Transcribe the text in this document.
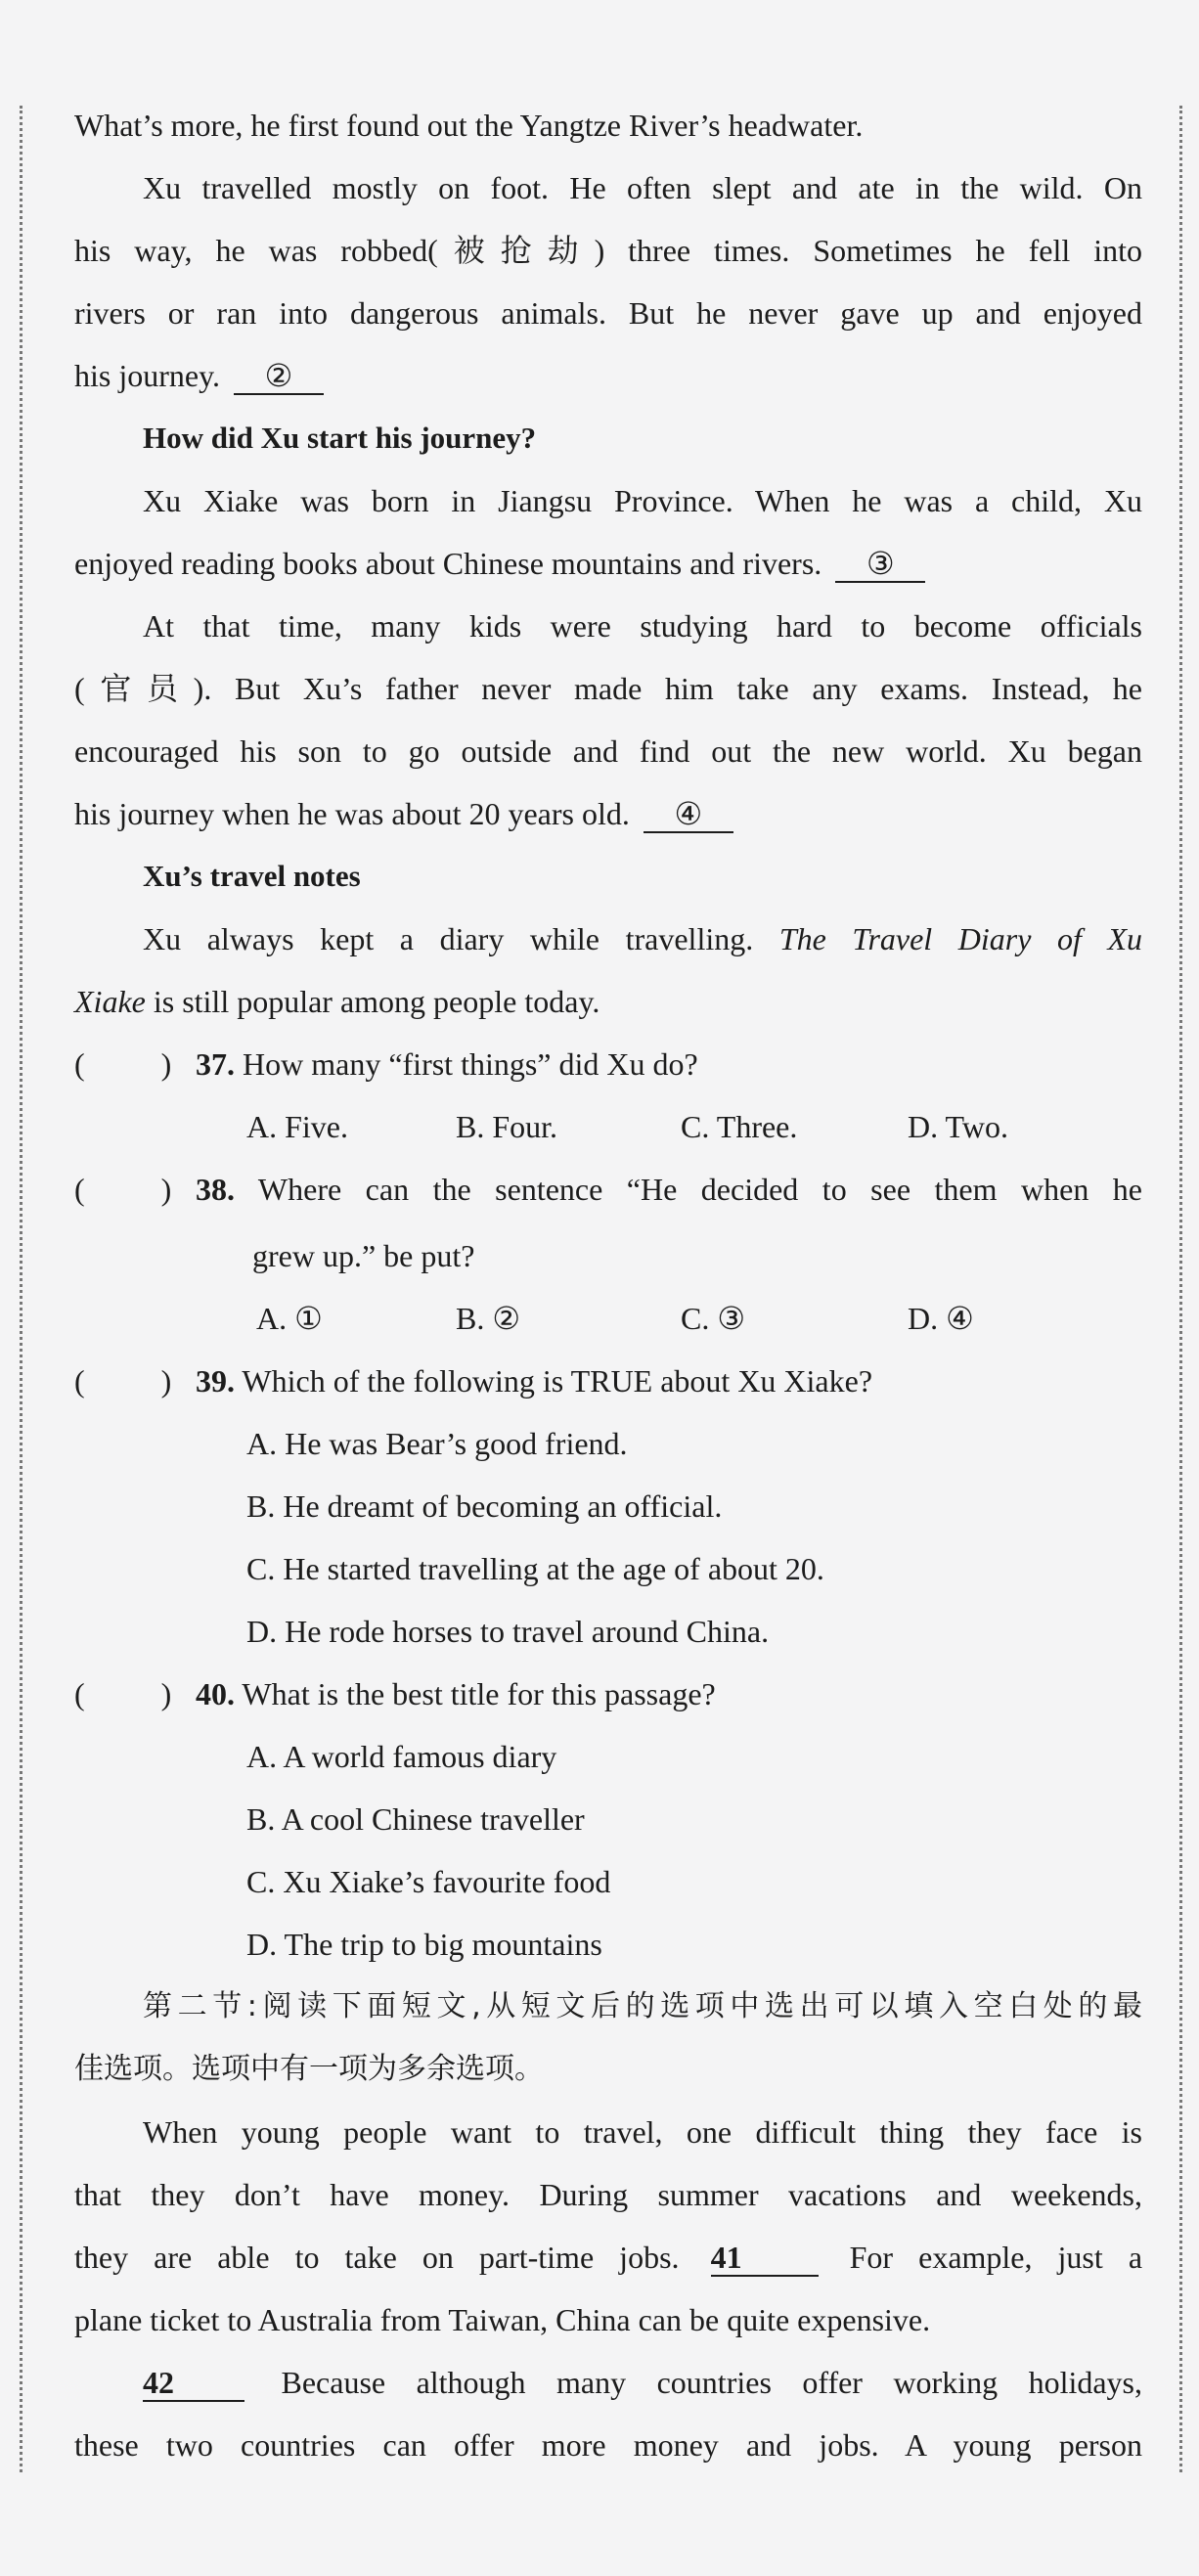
What’s more, he first found out the Yangtze River’s headwater.
Xu travelled mostly on foot. He often slept and ate in the wild. On
his way, he was robbed(被抢劫) three times. Sometimes he fell into
rivers or ran into dangerous animals. But he never gave up and enjoyed
his journey. ②
How did Xu start his journey?
Xu Xiake was born in Jiangsu Province. When he was a child, Xu
enjoyed reading books about Chinese mountains and rivers. ③
At that time, many kids were studying hard to become officials
(官员). But Xu’s father never made him take any exams. Instead, he
encouraged his son to go outside and find out the new world. Xu began
his journey when he was about 20 years old. ④
Xu’s travel notes
Xu always kept a diary while travelling. The Travel Diary of Xu
Xiake is still popular among people today.
( ) 37. How many “first things” did Xu do?
A. Five.	B. Four.	C. Three.	D. Two.
( ) 38. Where can the sentence “He decided to see them when he
grew up.” be put?
A. ①	B. ②	C. ③	D. ④
( ) 39. Which of the following is TRUE about Xu Xiake?
A. He was Bear’s good friend.
B. He dreamt of becoming an official.
C. He started travelling at the age of about 20.
D. He rode horses to travel around China.
( ) 40. What is the best title for this passage?
A. A world famous diary
B. A cool Chinese traveller
C. Xu Xiake’s favourite food
D. The trip to big mountains
第二节:阅读下面短文,从短文后的选项中选出可以填入空白处的最
佳选项。选项中有一项为多余选项。
When young people want to travel, one difficult thing they face is
that they don’t have money. During summer vacations and weekends,
they are able to take on part-time jobs. 41	For example, just a
plane ticket to Australia from Taiwan, China can be quite expensive.
42	Because although many countries offer working holidays,
these two countries can offer more money and jobs. A young person
